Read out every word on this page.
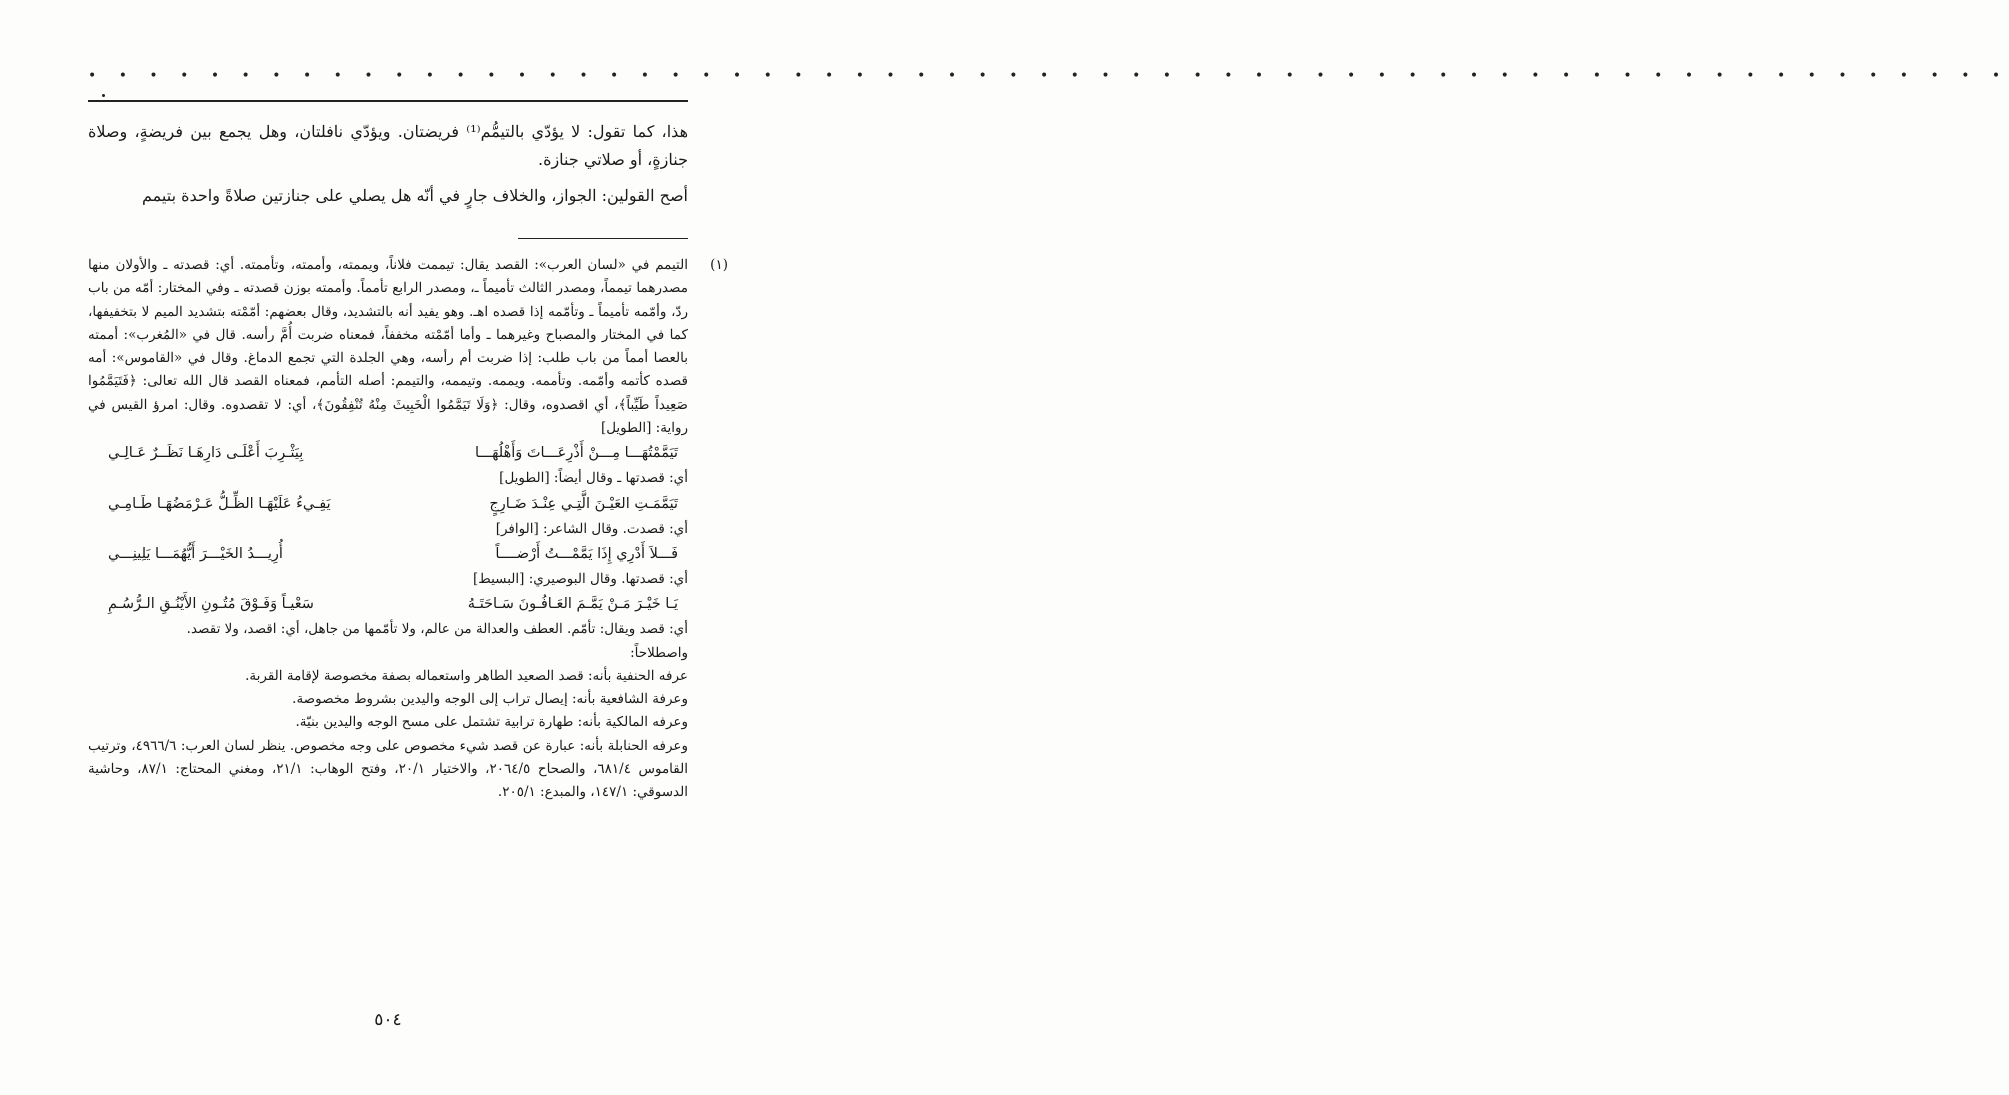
• • • • • • • • • • • • • • • • • • • • • • • • • • • • • • • • • • • • • • • • • • • • • • • • • • • • • • • • • • • • • • •

هذا، كما تقول: لا يؤدّي بالتيمُّم⁽¹⁾ فريضتان. ويؤدّي نافلتان، وهل يجمع بين فريضةٍ، وصلاة جنازةٍ، أو صلاتي جنازة.

أصح القولين: الجواز، والخلاف جارٍ في أنّه هل يصلي على جنازتين صلاةً واحدة بتيمم

(١)

التيمم في «لسان العرب»: القصد يقال: تيممت فلاناً، ويممته، وأممته، وتأممته. أي: قصدته ـ والأولان منها مصدرهما تيمماً، ومصدر الثالث تأميماً ـ، ومصدر الرابع تأمماً. وأممته بوزن قصدته ـ وفي المختار: أمّه من باب ردّ، وأمّمه تأميماً ـ وتأمّمه إذا قصده اهـ. وهو يفيد أنه بالتشديد، وقال بعضهم: أمّمْته بتشديد الميم لا بتخفيفها، كما في المختار والمصباح وغيرهما ـ وأما أمّمْته مخففاً، فمعناه ضربت أُمَّ رأسه. قال في «المُغرب»: أممته بالعصا أمماً من باب طلب: إذا ضربت أم رأسه، وهي الجلدة التي تجمع الدماغ. وقال في «القاموس»: أمه قصده كأتمه وأمّمه. وتأممه. ويممه. وتيممه، والتيمم: أصله التأمم، فمعناه القصد قال الله تعالى: ﴿فَتَيَمَّمُوا صَعِيداً طَيِّباً﴾، أي اقصدوه، وقال: ﴿وَلَا تَيَمَّمُوا الْخَبِيثَ مِنْهُ تُنْفِقُونَ﴾، أي: لا تقصدوه. وقال: امرؤ القيس في رواية: [الطويل]

تَيَمَّمْتُهَـــا مِـــنْ أَذْرِعَـــاتَ وَأَهْلُهَـــا
بِيَثْـرِبَ أَعْلَـى دَارِهَـا نَظَــرٌ عَـالِـي

أي: قصدتها ـ وقال أيضاً: [الطويل]

تَيَمَّمَـتِ العَيْـنَ الَّتِـي عِنْـدَ ضَـارِجٍ
يَفِـيءُ عَلَيْهَـا الظِّـلُّ عَـرْمَضُهَـا طَـامِـي

أي: قصدت. وقال الشاعر: [الوافر]

فَـــلاَ أَدْرِي إِذَا يَمَّمْـــتُ أَرْضــــاً
أُرِيـــدُ الخَيْـــرَ أَيُّهُمَـــا يَلِينِـــي

أي: قصدتها. وقال البوصيري: [البسيط]

يَـا خَيْـرَ مَـنْ يَمَّـمَ العَـافُـونَ سَـاحَتَـهُ
سَعْيـاً وَفَـوْقَ مُتُـونِ الأَيْنُـقِ الـرُّسُـمِ

أي: قصد ويقال: تأمّم. العطف والعدالة من عالم، ولا تأمّمها من جاهل، أي: اقصد، ولا تقصد.

واصطلاحاً:

عرفه الحنفية بأنه: قصد الصعيد الطاهر واستعماله بصفة مخصوصة لإقامة القربة.

وعرفة الشافعية بأنه: إيصال تراب إلى الوجه واليدين بشروط مخصوصة.

وعرفه المالكية بأنه: طهارة ترابية تشتمل على مسح الوجه واليدين بنيّة.

وعرفه الحنابلة بأنه: عبارة عن قصد شيء مخصوص على وجه مخصوص. ينظر لسان العرب: ٤٩٦٦/٦، وترتيب القاموس ٦٨١/٤، والصحاح ٢٠٦٤/٥، والاختيار ٢٠/١، وفتح الوهاب: ٢١/١، ومغني المحتاج: ٨٧/١، وحاشية الدسوقي: ١٤٧/١، والمبدع: ٢٠٥/١.

٥٠٤
